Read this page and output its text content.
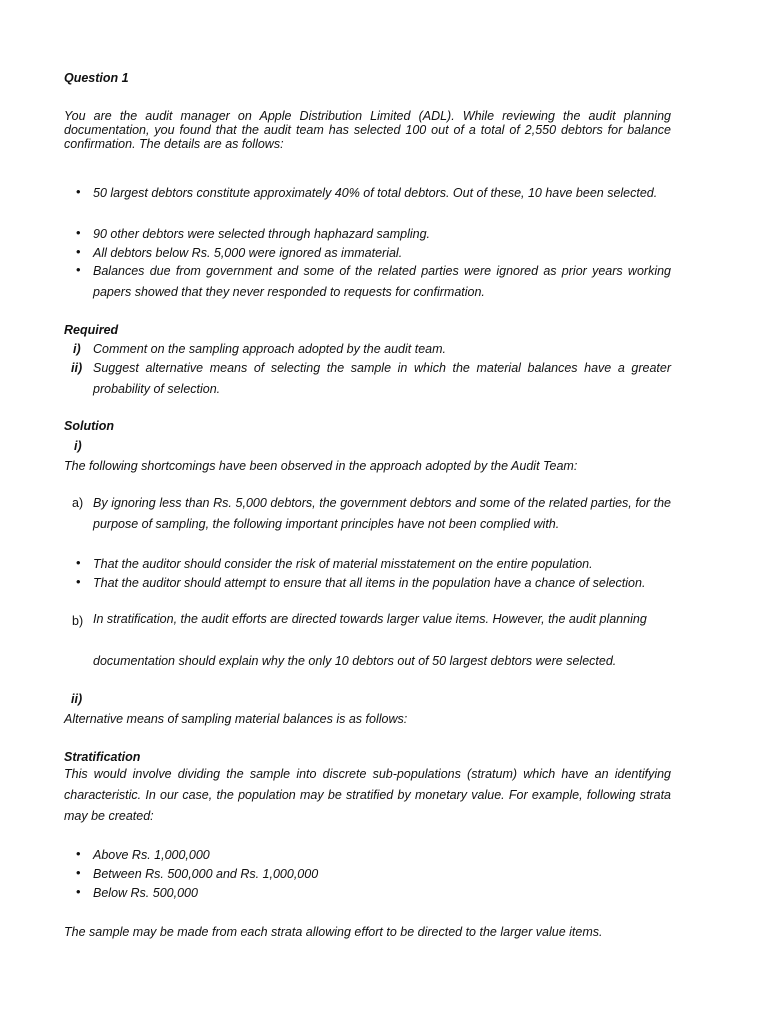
Question 1
You are the audit manager on Apple Distribution Limited (ADL). While reviewing the audit planning documentation, you found that the audit team has selected 100 out of a total of 2,550 debtors for balance confirmation. The details are as follows:
• 50 largest debtors constitute approximately 40% of total debtors. Out of these, 10 have been selected.
• 90 other debtors were selected through haphazard sampling.
• All debtors below Rs. 5,000 were ignored as immaterial.
• Balances due from government and some of the related parties were ignored as prior years working papers showed that they never responded to requests for confirmation.
Required
i) Comment on the sampling approach adopted by the audit team.
ii) Suggest alternative means of selecting the sample in which the material balances have a greater probability of selection.
Solution
i)
The following shortcomings have been observed in the approach adopted by the Audit Team:
a) By ignoring less than Rs. 5,000 debtors, the government debtors and some of the related parties, for the purpose of sampling, the following important principles have not been complied with.
• That the auditor should consider the risk of material misstatement on the entire population.
• That the auditor should attempt to ensure that all items in the population have a chance of selection.
b) In stratification, the audit efforts are directed towards larger value items. However, the audit planning
documentation should explain why the only 10 debtors out of 50 largest debtors were selected.
ii)
Alternative means of sampling material balances is as follows:
Stratification
This would involve dividing the sample into discrete sub-populations (stratum) which have an identifying characteristic. In our case, the population may be stratified by monetary value. For example, following strata may be created:
• Above Rs. 1,000,000
• Between Rs. 500,000 and Rs. 1,000,000
• Below Rs. 500,000
The sample may be made from each strata allowing effort to be directed to the larger value items.
